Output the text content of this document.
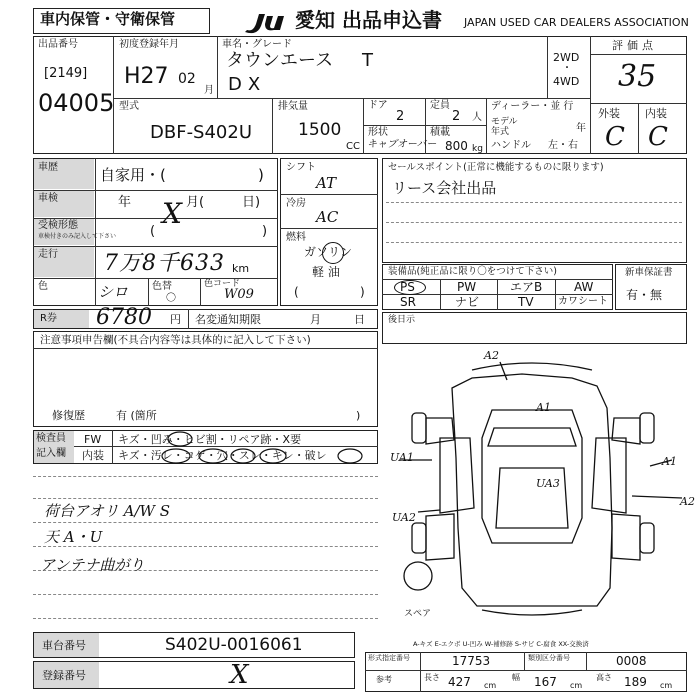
車内保管・守衛保管	愛知 出品申込書 JAPAN USED CAR DEALERS ASSOCIATION
出品番号
[2149]
04005
初度登録年月
H27 02
月
車名・グレード
タウンエース T
DX
型式
DBF-S402U
2WD
・
4WD
評価点
35
外装 内装
C C
排気量
1500
CC
ドア
2
定員
2 人
形状
キャブオーバー
積載
800 kg
ディーラー・並 行
モデル 年式	年
ハンドル 左・右
車歴	自家用・(	)
車検	年	月(	日)
X
受検形態
車検付きのみ記入して下さい	(	)
走行 7万8千633 km
色	シロ 色替
〇
色コード
W09
シフト
AT
冷房
AC
燃料
ガソリン
軽 油
(	)
セールスポイント(正常に機能するものに限ります)
リース会社出品
装備品(純正品に限り〇をつけて下さい)
PS	PW	エアB	AW
SR	ナビ	TV カワシート
新車保証書
有・無
R券 6780 円 名変通知期限	月	日
注意事項申告欄(不具合内容等は具体的に記入して下さい)
修復歴	有 (箇所	)
後日示
検査員
記入欄
FW キズ・凹み・ヒビ割・リペア跡・X要
内装 キズ・汚レ・コゲ・穴・スレ・キレ・破レ
荷台アオリ A/W S
天 A・U
アンテナ曲がり
A2
A1
UA1	A1
UA3
UA2
A2
スペア
A-キズ E-エクボ U-凹み W-補修跡 S-サビ C-腐食 XX-交換済
車台番号	S402U-0016061
登録番号	X
形式指定番号	17753	類別区分番号	0008
参考	長さ 427 cm
幅 167 cm
高さ 189 cm
